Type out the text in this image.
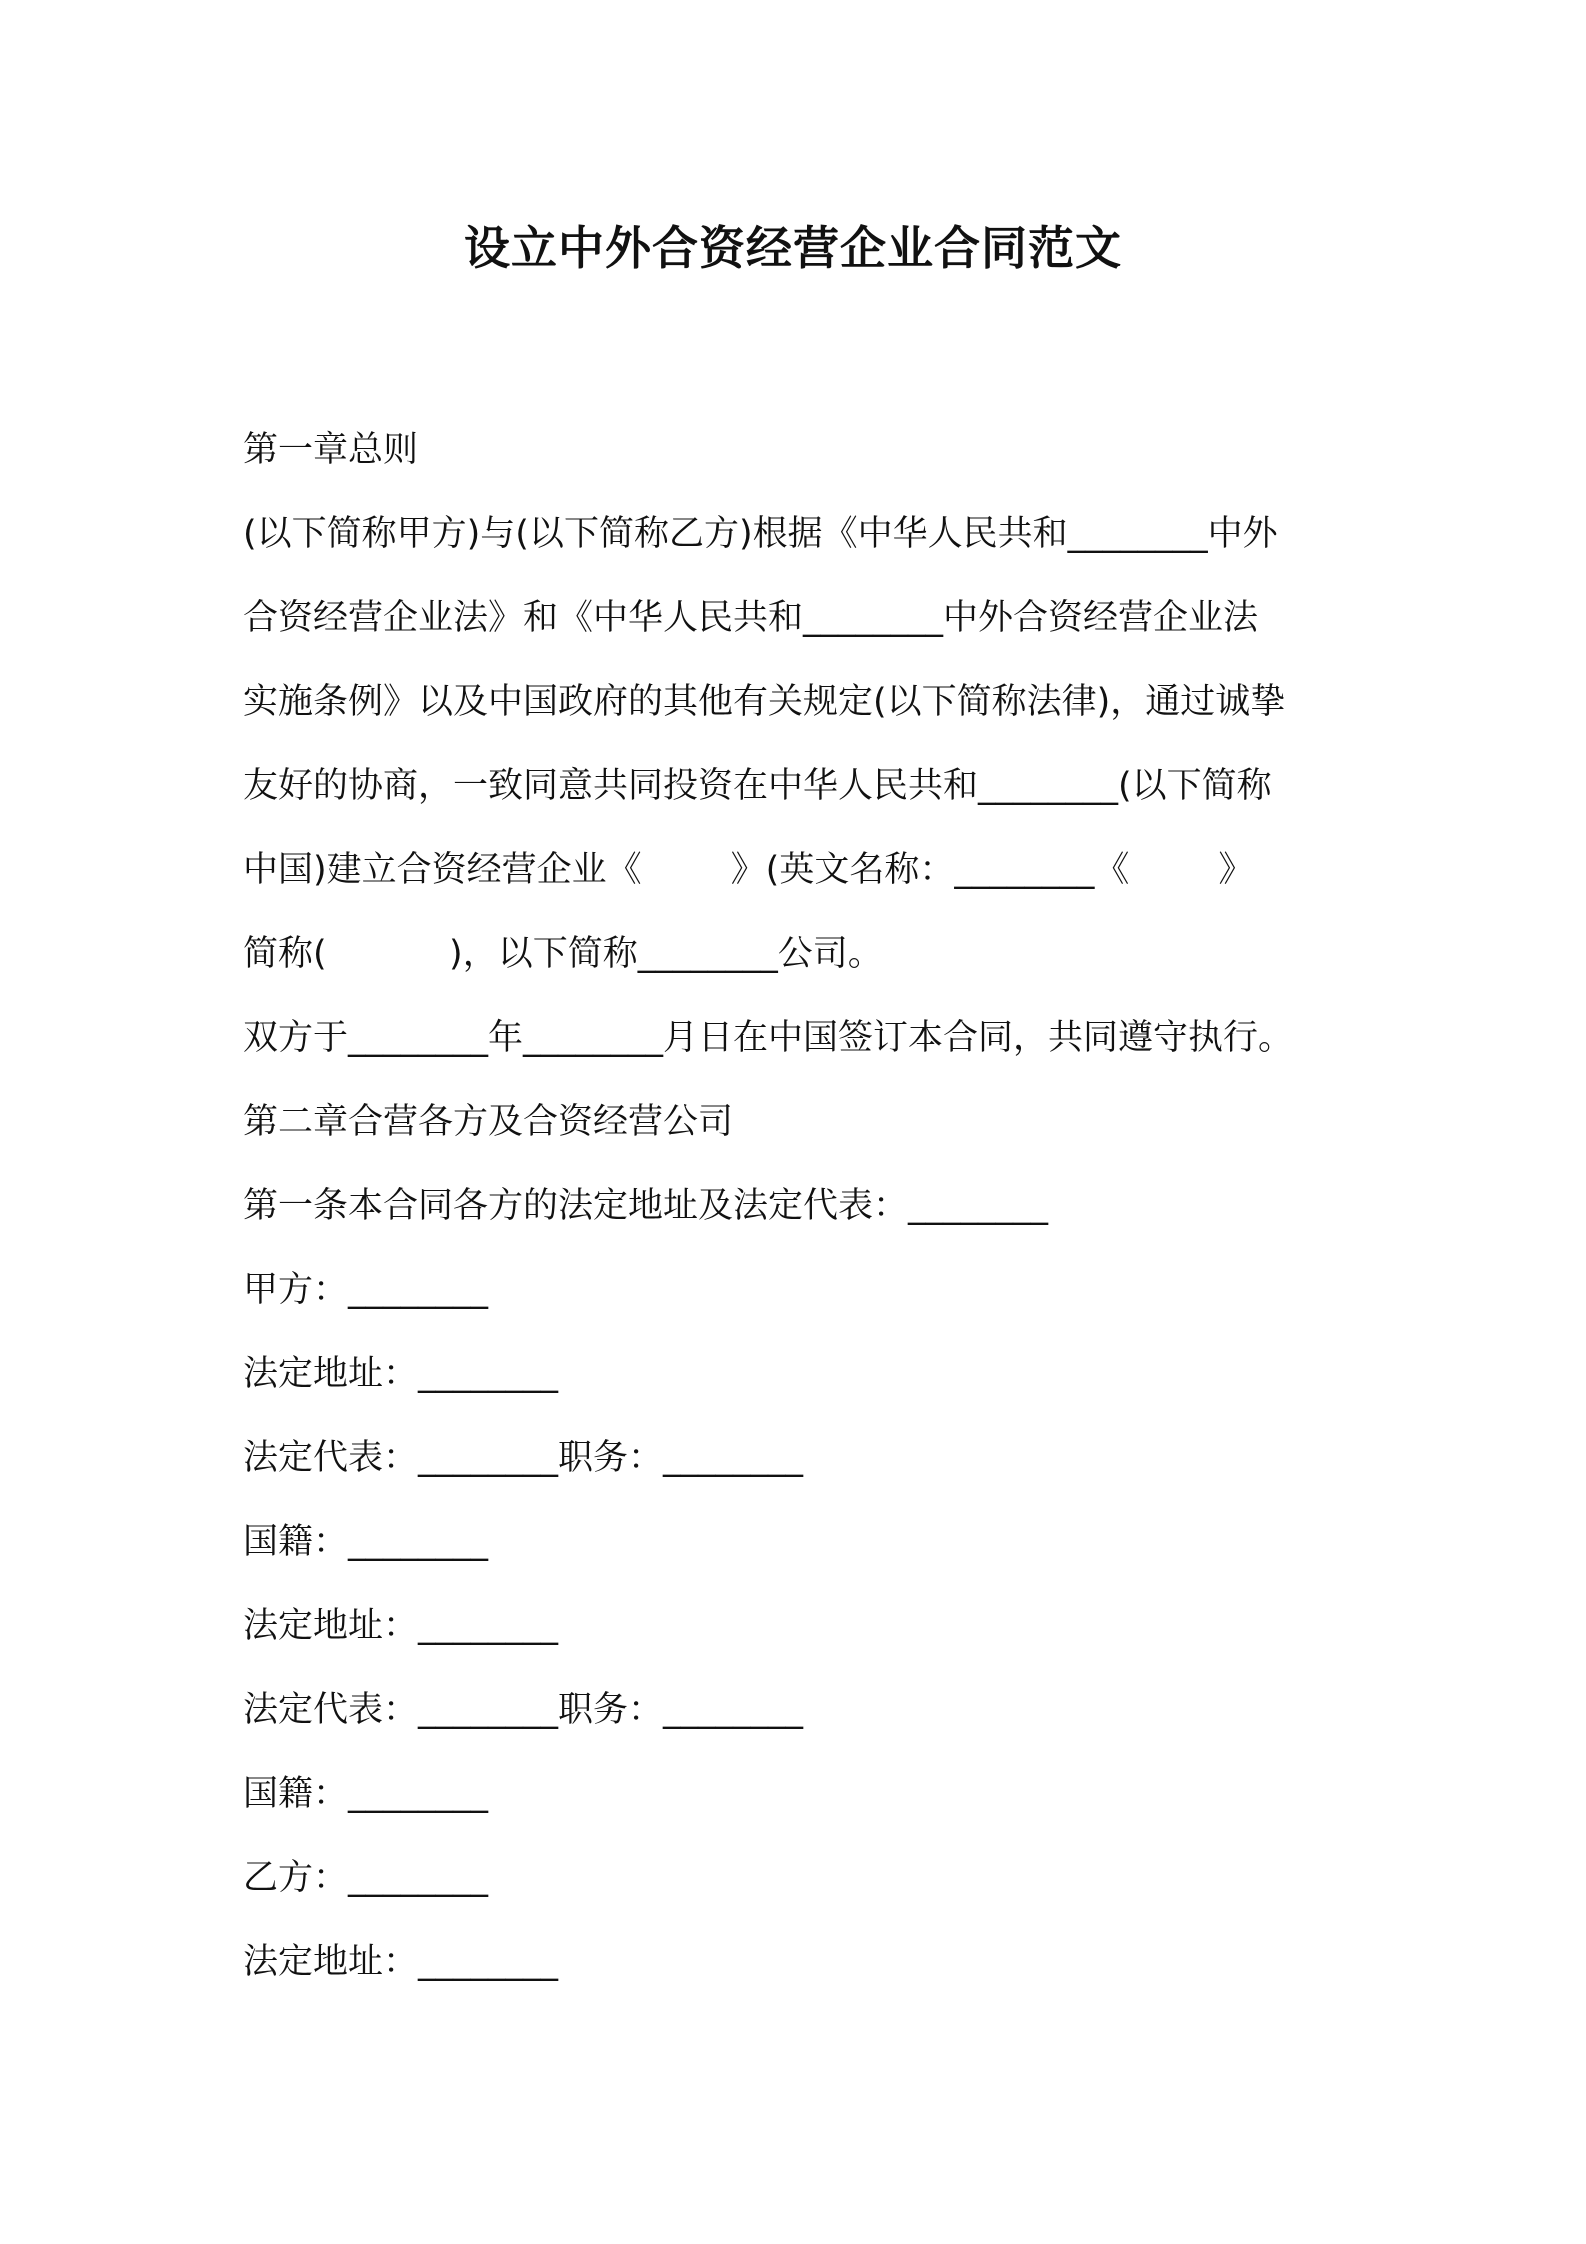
设立中外合资经营企业合同范文
第一章总则
(以下简称甲方)与(以下简称乙方)根据《中华人民共和________中外
合资经营企业法》和《中华人民共和________中外合资经营企业法
实施条例》以及中国政府的其他有关规定(以下简称法律)，通过诚挚
友好的协商，一致同意共同投资在中华人民共和________(以下简称
中国)建立合资经营企业《        》(英文名称：________《        》
简称(           )，以下简称________公司。
双方于________年________月日在中国签订本合同，共同遵守执行。
第二章合营各方及合资经营公司
第一条本合同各方的法定地址及法定代表：________
甲方：________
法定地址：________
法定代表：________职务：________
国籍：________
法定地址：________
法定代表：________职务：________
国籍：________
乙方：________
法定地址：________
